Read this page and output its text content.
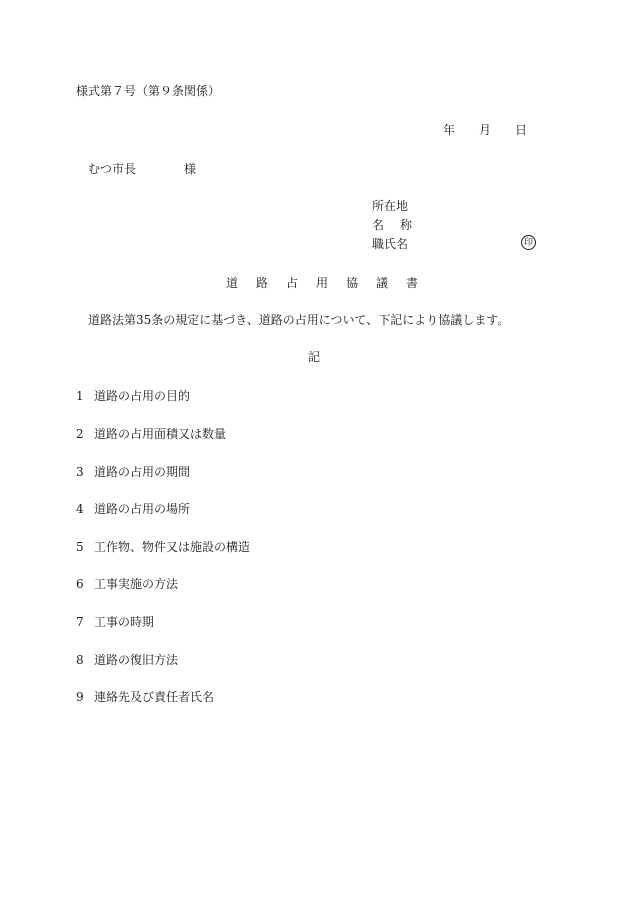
様式第７号（第９条関係）
年 月 日
むつ市長	様
所在地
名 称
職氏名	印
道路占用協議書
道路法第35条の規定に基づき、道路の占用について、下記により協議します。
記
1 道路の占用の目的
2 道路の占用面積又は数量
3 道路の占用の期間
4 道路の占用の場所
5 工作物、物件又は施設の構造
6 工事実施の方法
7 工事の時期
8 道路の復旧方法
9 連絡先及び責任者氏名
